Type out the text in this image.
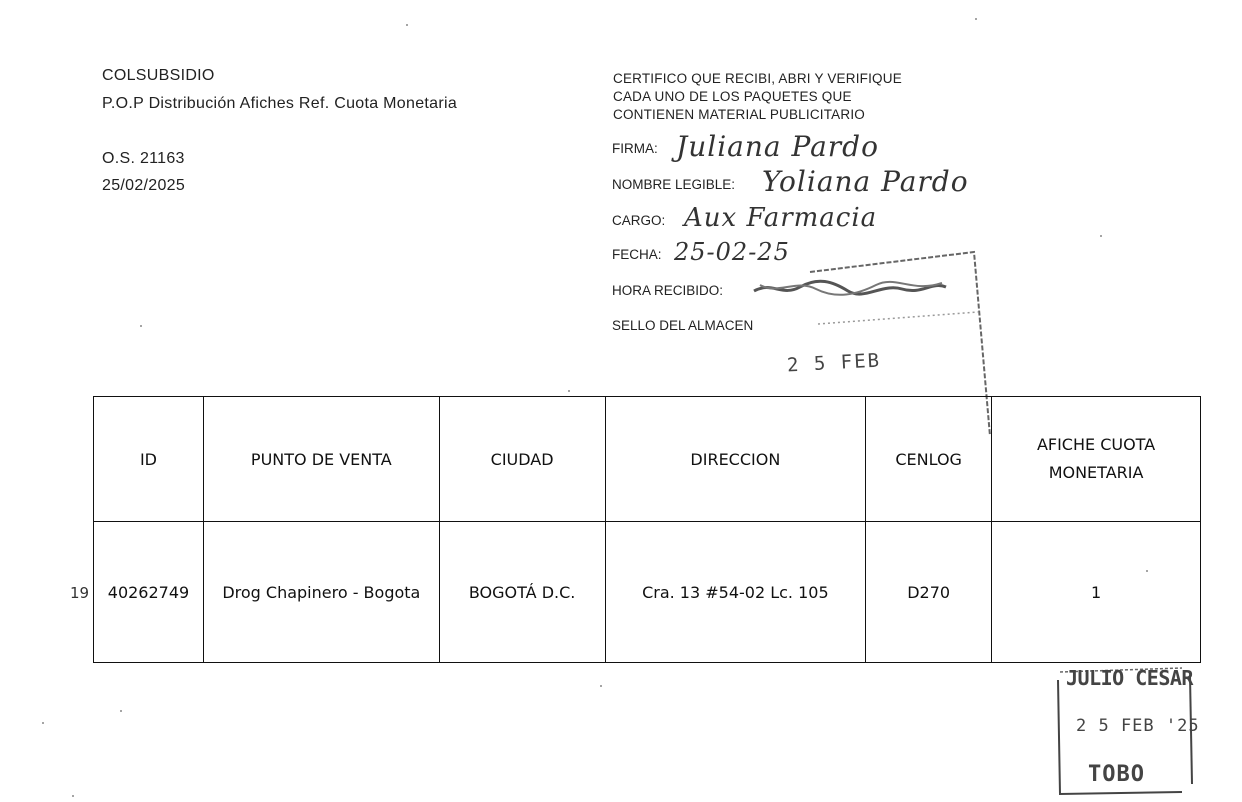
COLSUBSIDIO
P.O.P Distribución Afiches Ref. Cuota Monetaria
O.S. 21163
25/02/2025
CERTIFICO QUE RECIBI, ABRI Y VERIFIQUE
CADA UNO DE LOS PAQUETES QUE
CONTIENEN MATERIAL PUBLICITARIO
FIRMA: Juliana Pardo
NOMBRE LEGIBLE: Yoliana Pardo
CARGO: Aux Farmacia
FECHA: 25-02-25
HORA RECIBIDO:
SELLO DEL ALMACEN
2 5 FEB
ID	PUNTO DE VENTA	CIUDAD	DIRECCION	CENLOG	AFICHE CUOTA MONETARIA
40262749	Drog Chapinero - Bogota	BOGOTÁ D.C.	Cra. 13 #54-02 Lc. 105	D270	1
19
JULIO CESAR
2 5 FEB '25
TOBO
